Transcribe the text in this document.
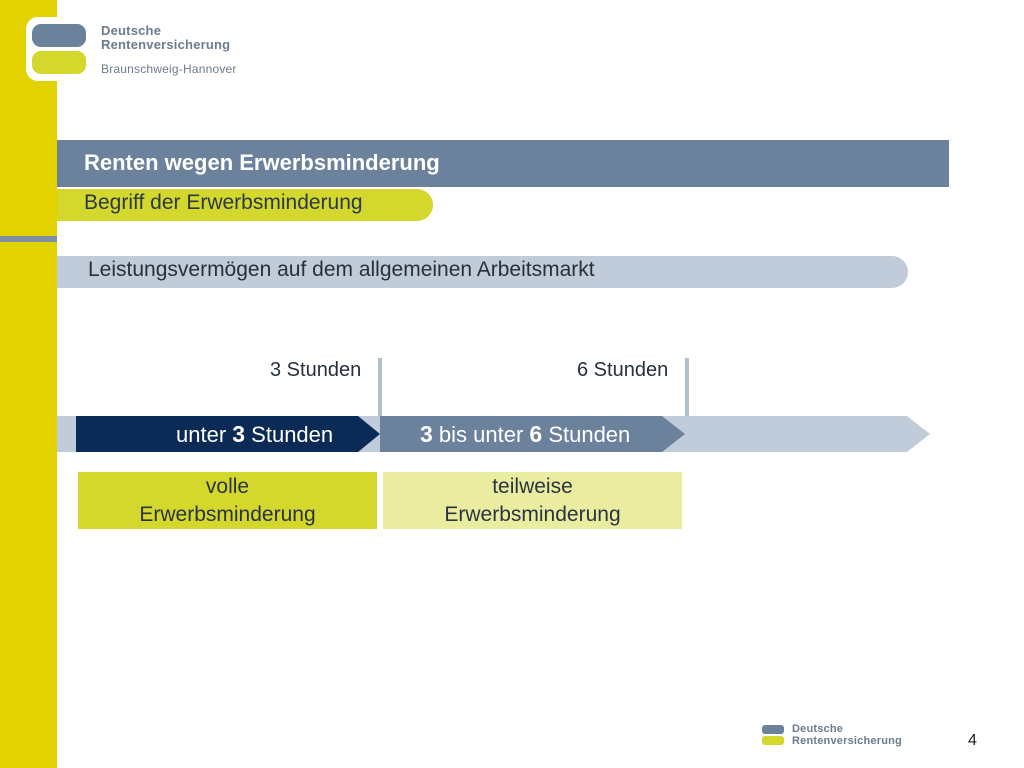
Deutsche
Rentenversicherung
Braunschweig-Hannover
Renten wegen Erwerbsminderung
Begriff der Erwerbsminderung
Leistungsvermögen auf dem allgemeinen Arbeitsmarkt
3 Stunden	6 Stunden
unter 3 Stunden	3 bis unter 6 Stunden
volle
Erwerbsminderung
teilweise
Erwerbsminderung
Deutsche
Rentenversicherung	4
